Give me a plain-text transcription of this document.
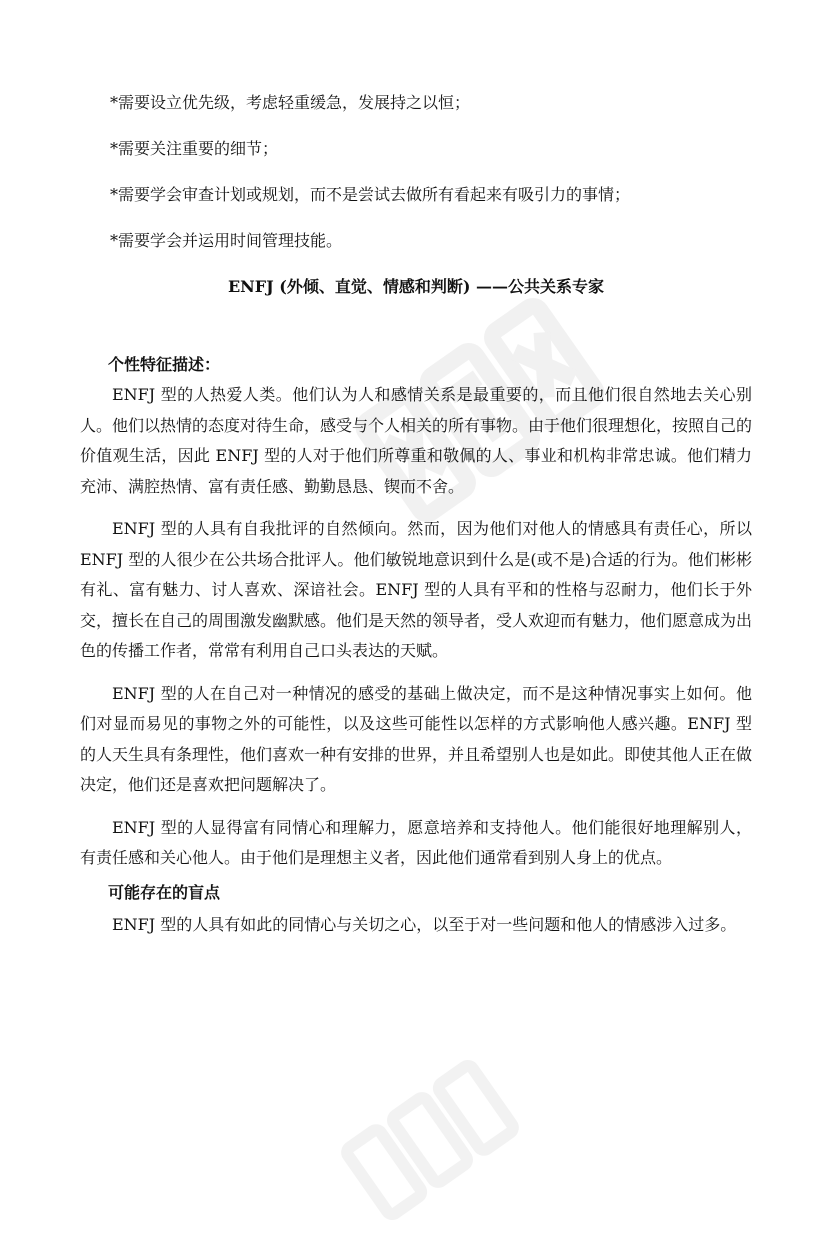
*需要设立优先级，考虑轻重缓急，发展持之以恒；
*需要关注重要的细节；
*需要学会审查计划或规划，而不是尝试去做所有看起来有吸引力的事情；
*需要学会并运用时间管理技能。
ENFJ (外倾、直觉、情感和判断) ——公共关系专家
个性特征描述：

ENFJ 型的人热爱人类。他们认为人和感情关系是最重要的，而且他们很自然地去关心别人。他们以热情的态度对待生命，感受与个人相关的所有事物。由于他们很理想化，按照自己的价值观生活，因此 ENFJ 型的人对于他们所尊重和敬佩的人、事业和机构非常忠诚。他们精力充沛、满腔热情、富有责任感、勤勤恳恳、锲而不舍。

ENFJ 型的人具有自我批评的自然倾向。然而，因为他们对他人的情感具有责任心，所以 ENFJ 型的人很少在公共场合批评人。他们敏锐地意识到什么是(或不是)合适的行为。他们彬彬有礼、富有魅力、讨人喜欢、深谙社会。ENFJ 型的人具有平和的性格与忍耐力，他们长于外交，擅长在自己的周围激发幽默感。他们是天然的领导者，受人欢迎而有魅力，他们愿意成为出色的传播工作者，常常有利用自己口头表达的天赋。

ENFJ 型的人在自己对一种情况的感受的基础上做决定，而不是这种情况事实上如何。他们对显而易见的事物之外的可能性，以及这些可能性以怎样的方式影响他人感兴趣。ENFJ 型的人天生具有条理性，他们喜欢一种有安排的世界，并且希望别人也是如此。即使其他人正在做决定，他们还是喜欢把问题解决了。

ENFJ 型的人显得富有同情心和理解力，愿意培养和支持他人。他们能很好地理解别人，有责任感和关心他人。由于他们是理想主义者，因此他们通常看到别人身上的优点。

可能存在的盲点

ENFJ 型的人具有如此的同情心与关切之心，以至于对一些问题和他人的情感涉入过多。
